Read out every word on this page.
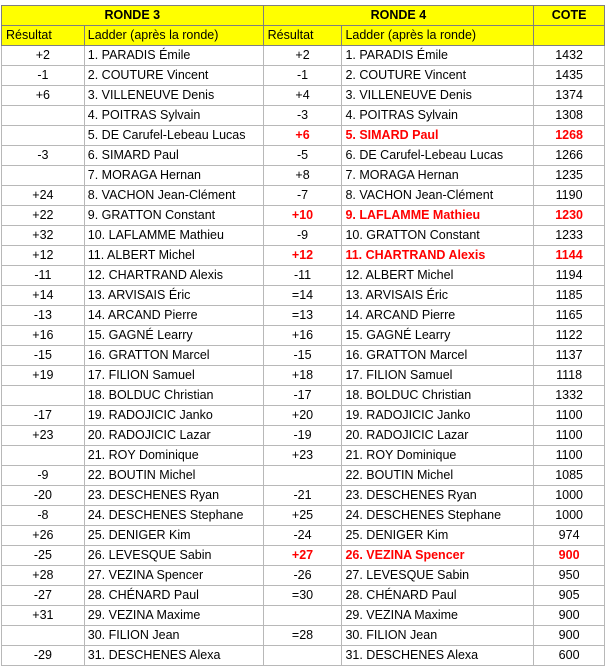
RONDE 3		RONDE 4		COTE
Résultat	Ladder (après la ronde)	Résultat	Ladder (après la ronde)	
+2	1. PARADIS Émile	+2	1. PARADIS Émile	1432
-1	2. COUTURE Vincent	-1	2. COUTURE Vincent	1435
+6	3. VILLENEUVE Denis	+4	3. VILLENEUVE Denis	1374
	4. POITRAS Sylvain	-3	4. POITRAS Sylvain	1308
	5. DE Carufel-Lebeau Lucas	+6	5. SIMARD Paul	1268
-3	6. SIMARD Paul	-5	6. DE Carufel-Lebeau Lucas	1266
	7. MORAGA Hernan	+8	7. MORAGA Hernan	1235
+24	8. VACHON Jean-Clément	-7	8. VACHON Jean-Clément	1190
+22	9. GRATTON Constant	+10	9. LAFLAMME Mathieu	1230
+32	10. LAFLAMME Mathieu	-9	10. GRATTON Constant	1233
+12	11. ALBERT Michel	+12	11. CHARTRAND Alexis	1144
-11	12. CHARTRAND Alexis	-11	12. ALBERT Michel	1194
+14	13. ARVISAIS Éric	=14	13. ARVISAIS Éric	1185
-13	14. ARCAND Pierre	=13	14. ARCAND Pierre	1165
+16	15. GAGNÉ Learry	+16	15. GAGNÉ Learry	1122
-15	16. GRATTON Marcel	-15	16. GRATTON Marcel	1137
+19	17. FILION Samuel	+18	17. FILION Samuel	1118
	18. BOLDUC Christian	-17	18. BOLDUC Christian	1332
-17	19. RADOJICIC Janko	+20	19. RADOJICIC Janko	1100
+23	20. RADOJICIC Lazar	-19	20. RADOJICIC Lazar	1100
	21. ROY Dominique	+23	21. ROY Dominique	1100
-9	22. BOUTIN Michel		22. BOUTIN Michel	1085
-20	23. DESCHENES Ryan	-21	23. DESCHENES Ryan	1000
-8	24. DESCHENES Stephane	+25	24. DESCHENES Stephane	1000
+26	25. DENIGER Kim	-24	25. DENIGER Kim	974
-25	26. LEVESQUE Sabin	+27	26. VEZINA Spencer	900
+28	27. VEZINA Spencer	-26	27. LEVESQUE Sabin	950
-27	28. CHÉNARD Paul	=30	28. CHÉNARD Paul	905
+31	29. VEZINA Maxime		29. VEZINA Maxime	900
	30. FILION Jean	=28	30. FILION Jean	900
-29	31. DESCHENES Alexa		31. DESCHENES Alexa	600
